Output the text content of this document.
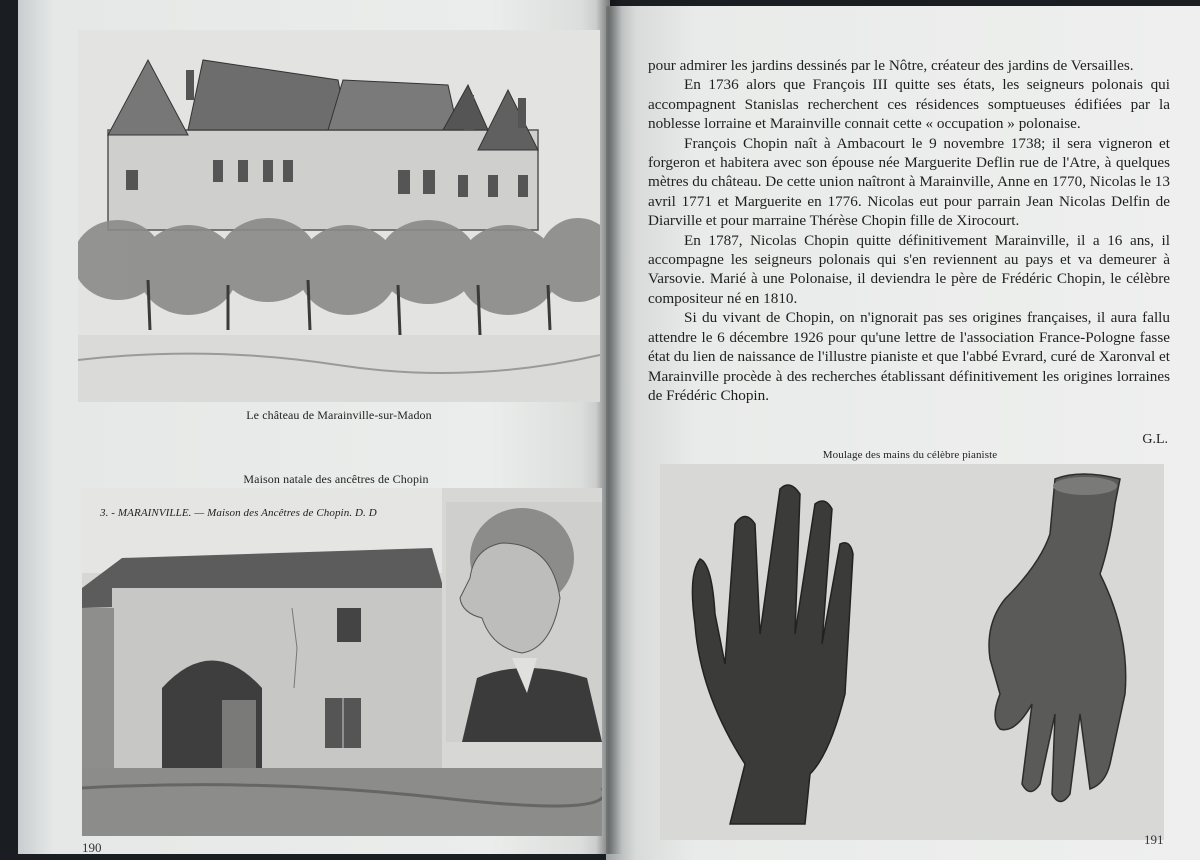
Le château de Marainville-sur-Madon
Maison natale des ancêtres de Chopin
3. - MARAINVILLE. — Maison des Ancêtres de Chopin. D. D
190

pour admirer les jardins dessinés par le Nôtre, créateur des jardins de Versailles.

En 1736 alors que François III quitte ses états, les seigneurs polonais qui accompagnent Stanislas recherchent ces résidences somptueuses édifiées par la noblesse lorraine et Marainville connait cette « occupation » polonaise.

François Chopin naît à Ambacourt le 9 novembre 1738; il sera vigneron et forgeron et habitera avec son épouse née Marguerite Deflin rue de l'Atre, à quelques mètres du château. De cette union naîtront à Marainville, Anne en 1770, Nicolas le 13 avril 1771 et Marguerite en 1776. Nicolas eut pour parrain Jean Nicolas Delfin de Diarville et pour marraine Thérèse Chopin fille de Xirocourt.

En 1787, Nicolas Chopin quitte définitivement Marainville, il a 16 ans, il accompagne les seigneurs polonais qui s'en reviennent au pays et va demeurer à Varsovie. Marié à une Polonaise, il deviendra le père de Frédéric Chopin, le célèbre compositeur né en 1810.

Si du vivant de Chopin, on n'ignorait pas ses origines françaises, il aura fallu attendre le 6 décembre 1926 pour qu'une lettre de l'association France-Pologne fasse état du lien de naissance de l'illustre pianiste et que l'abbé Evrard, curé de Xaronval et Marainville procède à des recherches établissant définitivement les origines lorraines de Frédéric Chopin.

G.L.
Moulage des mains du célèbre pianiste
191
